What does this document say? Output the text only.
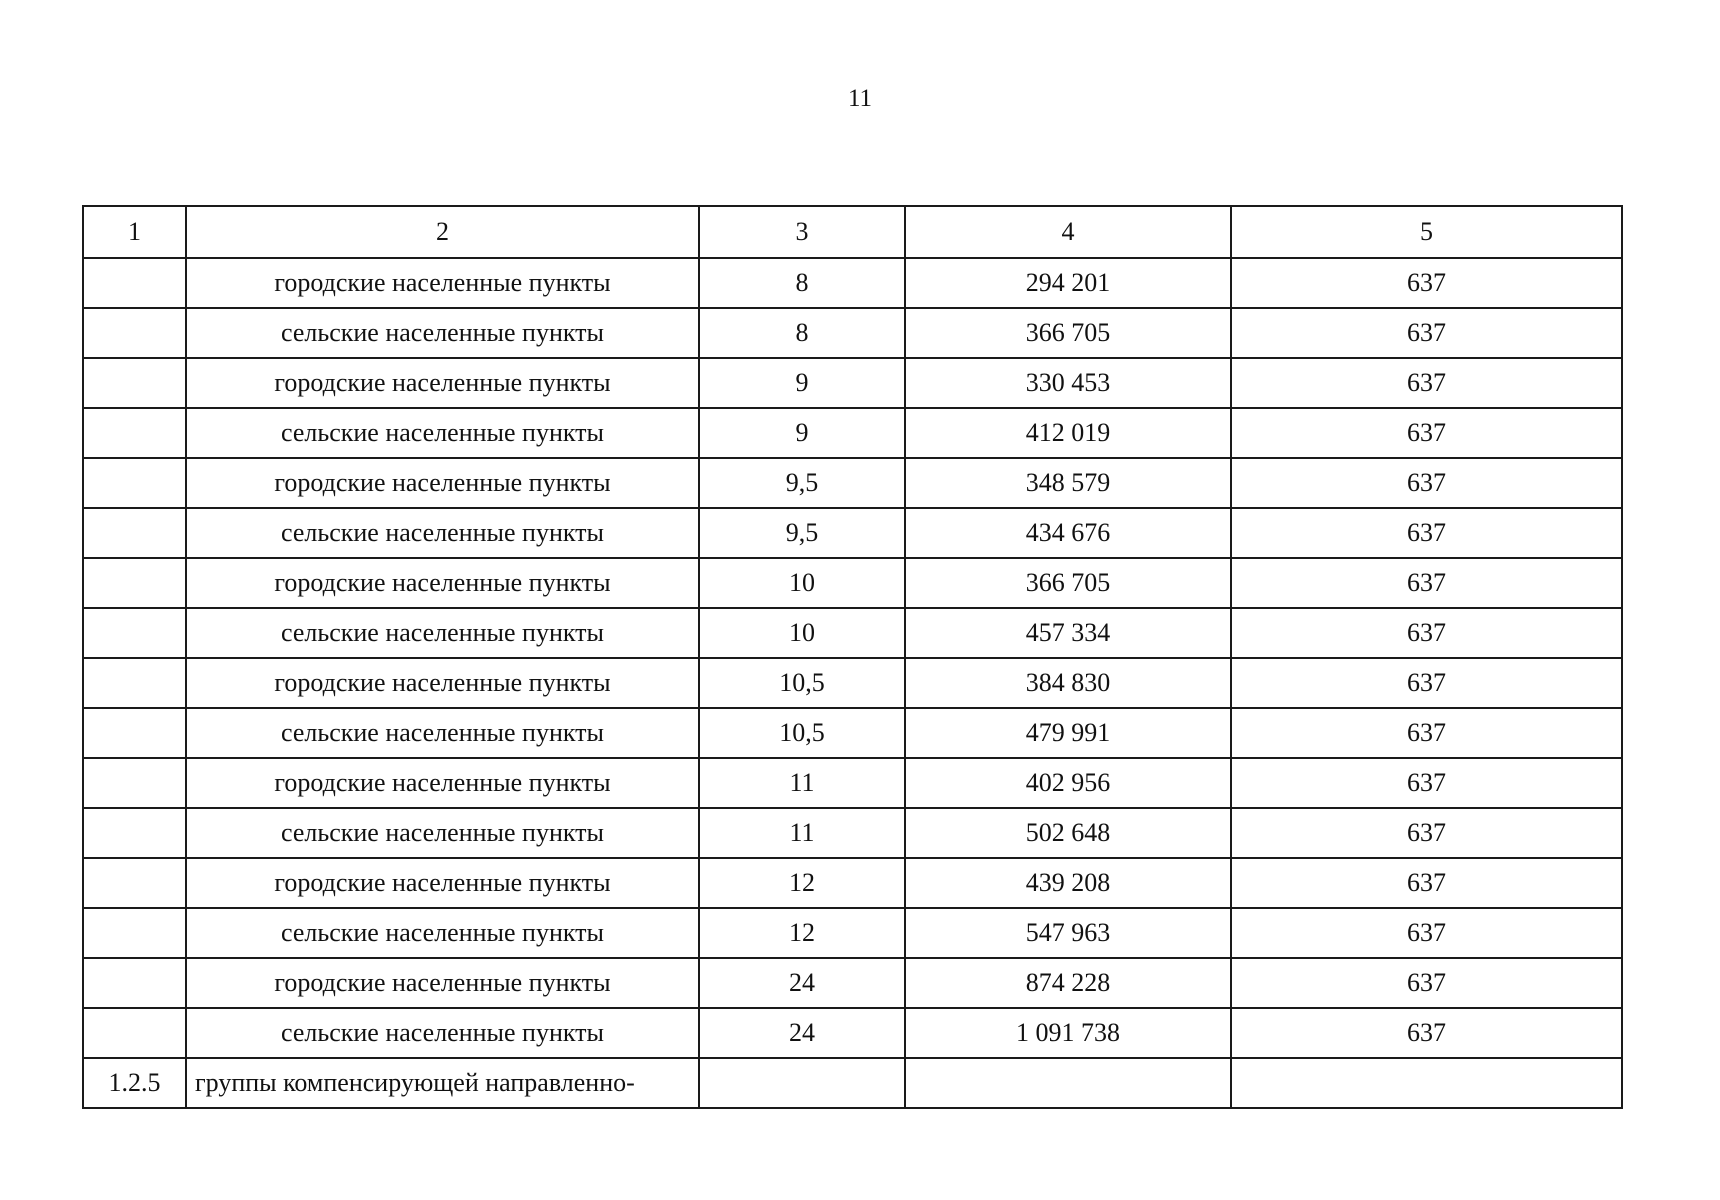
11
1	2	3	4	5
	городские населенные пункты	8	294 201	637
	сельские населенные пункты	8	366 705	637
	городские населенные пункты	9	330 453	637
	сельские населенные пункты	9	412 019	637
	городские населенные пункты	9,5	348 579	637
	сельские населенные пункты	9,5	434 676	637
	городские населенные пункты	10	366 705	637
	сельские населенные пункты	10	457 334	637
	городские населенные пункты	10,5	384 830	637
	сельские населенные пункты	10,5	479 991	637
	городские населенные пункты	11	402 956	637
	сельские населенные пункты	11	502 648	637
	городские населенные пункты	12	439 208	637
	сельские населенные пункты	12	547 963	637
	городские населенные пункты	24	874 228	637
	сельские населенные пункты	24	1 091 738	637
1.2.5	группы компенсирующей направленно-			
